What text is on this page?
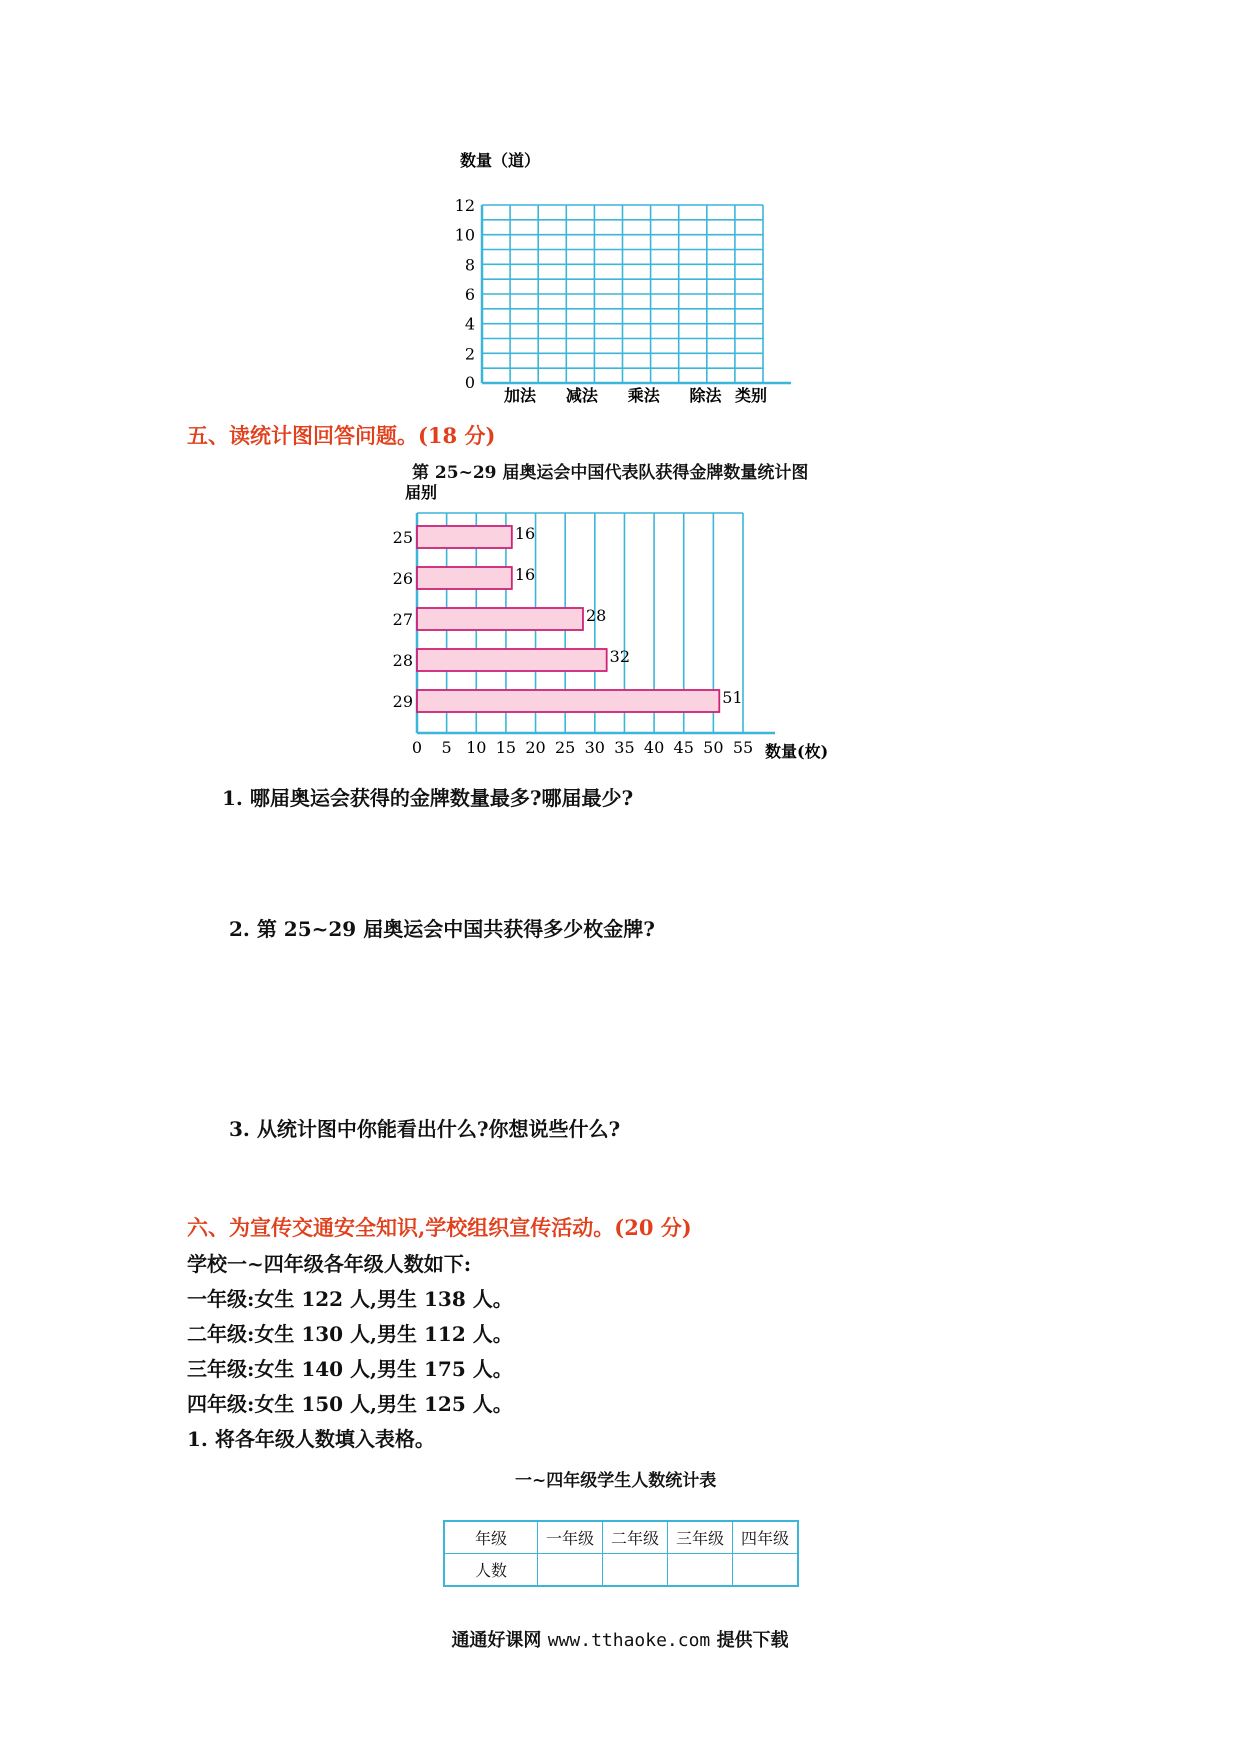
数量（道）
0
2
4
6
8
10
12
加法 减法 乘法 除法 类别
五、读统计图回答问题。(18 分)
第 25~29 届奥运会中国代表队获得金牌数量统计图
届别
25	16
26	16
27	28
28	32
29	51
0 5 10 15 20 25 30 35 40 45 50 55 数量(枚)
1. 哪届奥运会获得的金牌数量最多?哪届最少?
2. 第 25~29 届奥运会中国共获得多少枚金牌?
3. 从统计图中你能看出什么?你想说些什么?
六、为宣传交通安全知识,学校组织宣传活动。(20 分)
学校一~四年级各年级人数如下:
一年级:女生 122 人,男生 138 人。
二年级:女生 130 人,男生 112 人。
三年级:女生 140 人,男生 175 人。
四年级:女生 150 人,男生 125 人。
1. 将各年级人数填入表格。
一~四年级学生人数统计表
年级	一年级	二年级	三年级	四年级
人数				
通通好课网 www.tthaoke.com 提供下载
